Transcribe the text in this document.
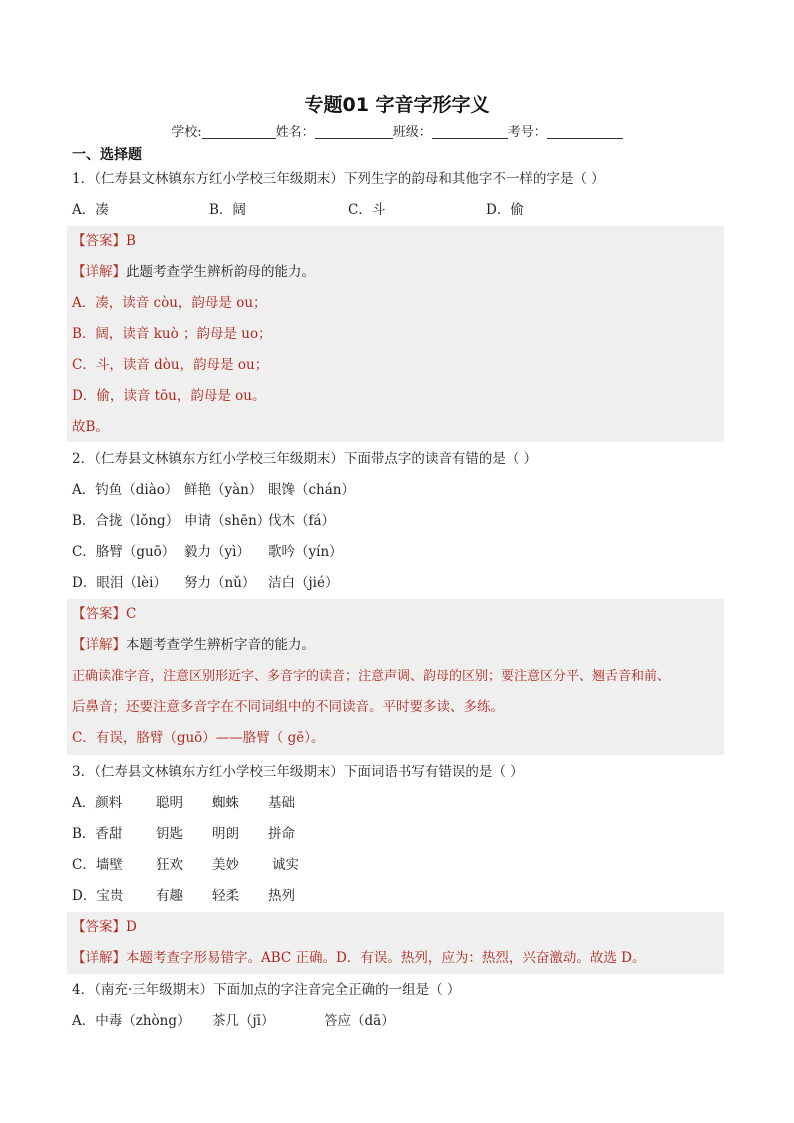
专题01 字音字形字义
学校:	姓名：	班级：	考号：
一、选择题
1．（仁寿县文林镇东方红小学校三年级期末）下列生字的韵母和其他字不一样的字是（ ）
A．凑	B．阔	C．斗	D．偷
【答案】B
【详解】此题考查学生辨析韵母的能力。
A．凑，读音 còu，韵母是 ou；
B．阔，读音 kuò ；韵母是 uo；
C．斗，读音 dòu，韵母是 ou；
D．偷，读音 tōu，韵母是 ou。
故B。
2．（仁寿县文林镇东方红小学校三年级期末）下面带点字的读音有错的是（ ）
A．钓鱼（diào） 鲜艳（yàn） 眼馋（chán）
B．合拢（lǒng） 申请（shēn）
伐木（fá）
C．胳臂（guō） 毅力（yì） 歌吟（yín）
D．眼泪（lèi） 努力（nǔ） 洁白（jié）
【答案】C
【详解】本题考查学生辨析字音的能力。
正确读准字音，注意区别形近字、多音字的读音；注意声调、韵母的区别；要注意区分平、翘舌音和前、
后鼻音；还要注意多音字在不同词组中的不同读音。平时要多读、多练。
C．有误，胳臂（guō）——胳臂（ gē）。
3．（仁寿县文林镇东方红小学校三年级期末）下面词语书写有错误的是（ ）
A．颜料	聪明 蜘蛛 基础
B．香甜 钥匙 明朗 拼命
C．墙壁 狂欢 美妙 诚实
D．宝贵 有趣 轻柔 热列
【答案】D
【详解】本题考查字形易错字。ABC 正确。D．有误。热列，应为：热烈，兴奋激动。故选 D。
4．（南充·三年级期末）下面加点的字注音完全正确的一组是（ ）
A．中毒（zhòng） 茶几（jī）	答应（dā）
